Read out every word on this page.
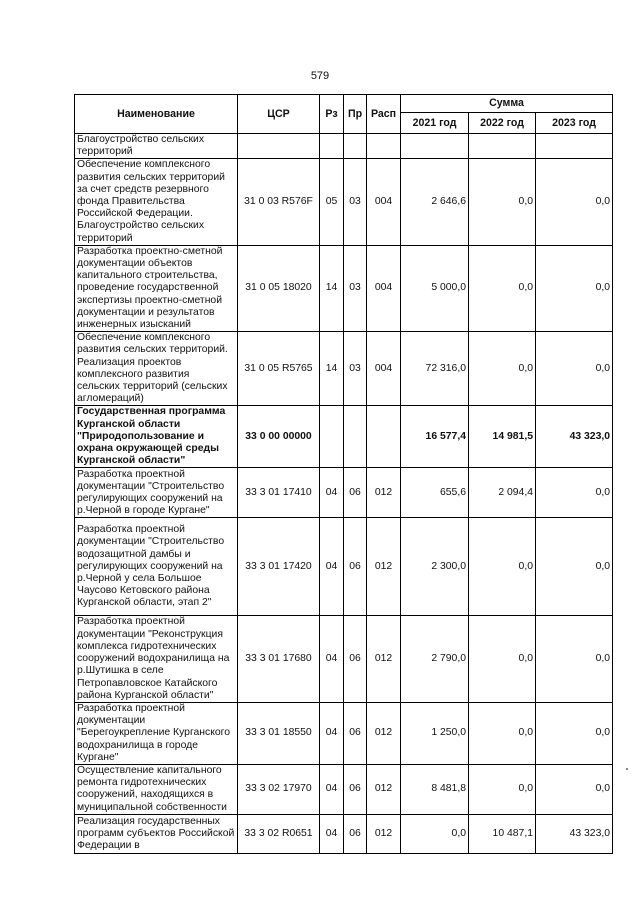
579
Наименование	ЦСР	Рз	Пр	Расп	Сумма		
					2021 год	2022 год	2023 год
Благоустройство сельских территорий							
Обеспечение комплексного развития сельских территорий за счет средств резервного фонда Правительства Российской Федерации. Благоустройство сельских территорий	31 0 03 R576F	05	03	004	2 646,6	0,0	0,0
Разработка проектно-сметной документации объектов капитального строительства, проведение государственной экспертизы проектно-сметной документации и результатов инженерных изысканий	31 0 05 18020	14	03	004	5 000,0	0,0	0,0
Обеспечение комплексного развития сельских территорий. Реализация проектов комплексного развития сельских территорий (сельских агломераций)	31 0 05 R5765	14	03	004	72 316,0	0,0	0,0
Государственная программа Курганской области "Природопользование и охрана окружающей среды Курганской области"	33 0 00 00000				16 577,4	14 981,5	43 323,0
Разработка проектной документации "Строительство регулирующих сооружений на р.Черной в городе Кургане"	33 3 01 17410	04	06	012	655,6	2 094,4	0,0
Разработка проектной документации "Строительство водозащитной дамбы и регулирующих сооружений на р.Черной у села Большое Чаусово Кетовского района Курганской области, этап 2"	33 3 01 17420	04	06	012	2 300,0	0,0	0,0
Разработка проектной документации "Реконструкция комплекса гидротехнических сооружений водохранилища на р.Шутишка в селе Петропавловское Катайского района Курганской области"	33 3 01 17680	04	06	012	2 790,0	0,0	0,0
Разработка проектной документации "Берегоукрепление Курганского водохранилища в городе Кургане"	33 3 01 18550	04	06	012	1 250,0	0,0	0,0
Осуществление капитального ремонта гидротехнических сооружений, находящихся в муниципальной собственности	33 3 02 17970	04	06	012	8 481,8	0,0	0,0
Реализация государственных программ субъектов Российской Федерации в	33 3 02 R0651	04	06	012	0,0	10 487,1	43 323,0
